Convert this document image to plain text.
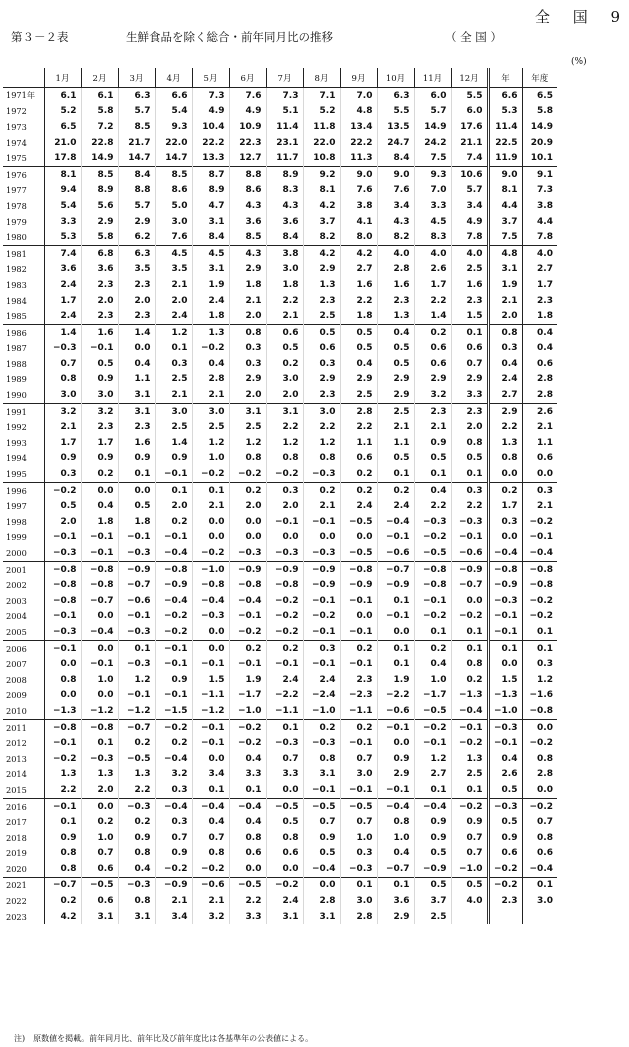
全 国 9
第３－２表	生鮮食品を除く総合・前年同月比の推移	（ 全 国 ）
(%)
	1月	2月	3月	4月	5月	6月	7月	8月	9月	10月	11月	12月	年	年度
1971年	6.1	6.1	6.3	6.6	7.3	7.6	7.3	7.1	7.0	6.3	6.0	5.5	6.6	6.5
1972	5.2	5.8	5.7	5.4	4.9	4.9	5.1	5.2	4.8	5.5	5.7	6.0	5.3	5.8
1973	6.5	7.2	8.5	9.3	10.4	10.9	11.4	11.8	13.4	13.5	14.9	17.6	11.4	14.9
1974	21.0	22.8	21.7	22.0	22.2	22.3	23.1	22.0	22.2	24.7	24.2	21.1	22.5	20.9
1975	17.8	14.9	14.7	14.7	13.3	12.7	11.7	10.8	11.3	8.4	7.5	7.4	11.9	10.1
1976	8.1	8.5	8.4	8.5	8.7	8.8	8.9	9.2	9.0	9.0	9.3	10.6	9.0	9.1
1977	9.4	8.9	8.8	8.6	8.9	8.6	8.3	8.1	7.6	7.6	7.0	5.7	8.1	7.3
1978	5.4	5.6	5.7	5.0	4.7	4.3	4.3	4.2	3.8	3.4	3.3	3.4	4.4	3.8
1979	3.3	2.9	2.9	3.0	3.1	3.6	3.6	3.7	4.1	4.3	4.5	4.9	3.7	4.4
1980	5.3	5.8	6.2	7.6	8.4	8.5	8.4	8.2	8.0	8.2	8.3	7.8	7.5	7.8
1981	7.4	6.8	6.3	4.5	4.5	4.3	3.8	4.2	4.2	4.0	4.0	4.0	4.8	4.0
1982	3.6	3.6	3.5	3.5	3.1	2.9	3.0	2.9	2.7	2.8	2.6	2.5	3.1	2.7
1983	2.4	2.3	2.3	2.1	1.9	1.8	1.8	1.3	1.6	1.6	1.7	1.6	1.9	1.7
1984	1.7	2.0	2.0	2.0	2.4	2.1	2.2	2.3	2.2	2.3	2.2	2.3	2.1	2.3
1985	2.4	2.3	2.3	2.4	1.8	2.0	2.1	2.5	1.8	1.3	1.4	1.5	2.0	1.8
1986	1.4	1.6	1.4	1.2	1.3	0.8	0.6	0.5	0.5	0.4	0.2	0.1	0.8	0.4
1987	−0.3	−0.1	0.0	0.1	−0.2	0.3	0.5	0.6	0.5	0.5	0.6	0.6	0.3	0.4
1988	0.7	0.5	0.4	0.3	0.4	0.3	0.2	0.3	0.4	0.5	0.6	0.7	0.4	0.6
1989	0.8	0.9	1.1	2.5	2.8	2.9	3.0	2.9	2.9	2.9	2.9	2.9	2.4	2.8
1990	3.0	3.0	3.1	2.1	2.1	2.0	2.0	2.3	2.5	2.9	3.2	3.3	2.7	2.8
1991	3.2	3.2	3.1	3.0	3.0	3.1	3.1	3.0	2.8	2.5	2.3	2.3	2.9	2.6
1992	2.1	2.3	2.3	2.5	2.5	2.5	2.2	2.2	2.2	2.1	2.1	2.0	2.2	2.1
1993	1.7	1.7	1.6	1.4	1.2	1.2	1.2	1.2	1.1	1.1	0.9	0.8	1.3	1.1
1994	0.9	0.9	0.9	0.9	1.0	0.8	0.8	0.8	0.6	0.5	0.5	0.5	0.8	0.6
1995	0.3	0.2	0.1	−0.1	−0.2	−0.2	−0.2	−0.3	0.2	0.1	0.1	0.1	0.0	0.0
1996	−0.2	0.0	0.0	0.1	0.1	0.2	0.3	0.2	0.2	0.2	0.4	0.3	0.2	0.3
1997	0.5	0.4	0.5	2.0	2.1	2.0	2.0	2.1	2.4	2.4	2.2	2.2	1.7	2.1
1998	2.0	1.8	1.8	0.2	0.0	0.0	−0.1	−0.1	−0.5	−0.4	−0.3	−0.3	0.3	−0.2
1999	−0.1	−0.1	−0.1	−0.1	0.0	0.0	0.0	0.0	0.0	−0.1	−0.2	−0.1	0.0	−0.1
2000	−0.3	−0.1	−0.3	−0.4	−0.2	−0.3	−0.3	−0.3	−0.5	−0.6	−0.5	−0.6	−0.4	−0.4
2001	−0.8	−0.8	−0.9	−0.8	−1.0	−0.9	−0.9	−0.9	−0.8	−0.7	−0.8	−0.9	−0.8	−0.8
2002	−0.8	−0.8	−0.7	−0.9	−0.8	−0.8	−0.8	−0.9	−0.9	−0.9	−0.8	−0.7	−0.9	−0.8
2003	−0.8	−0.7	−0.6	−0.4	−0.4	−0.4	−0.2	−0.1	−0.1	0.1	−0.1	0.0	−0.3	−0.2
2004	−0.1	0.0	−0.1	−0.2	−0.3	−0.1	−0.2	−0.2	0.0	−0.1	−0.2	−0.2	−0.1	−0.2
2005	−0.3	−0.4	−0.3	−0.2	0.0	−0.2	−0.2	−0.1	−0.1	0.0	0.1	0.1	−0.1	0.1
2006	−0.1	0.0	0.1	−0.1	0.0	0.2	0.2	0.3	0.2	0.1	0.2	0.1	0.1	0.1
2007	0.0	−0.1	−0.3	−0.1	−0.1	−0.1	−0.1	−0.1	−0.1	0.1	0.4	0.8	0.0	0.3
2008	0.8	1.0	1.2	0.9	1.5	1.9	2.4	2.4	2.3	1.9	1.0	0.2	1.5	1.2
2009	0.0	0.0	−0.1	−0.1	−1.1	−1.7	−2.2	−2.4	−2.3	−2.2	−1.7	−1.3	−1.3	−1.6
2010	−1.3	−1.2	−1.2	−1.5	−1.2	−1.0	−1.1	−1.0	−1.1	−0.6	−0.5	−0.4	−1.0	−0.8
2011	−0.8	−0.8	−0.7	−0.2	−0.1	−0.2	0.1	0.2	0.2	−0.1	−0.2	−0.1	−0.3	0.0
2012	−0.1	0.1	0.2	0.2	−0.1	−0.2	−0.3	−0.3	−0.1	0.0	−0.1	−0.2	−0.1	−0.2
2013	−0.2	−0.3	−0.5	−0.4	0.0	0.4	0.7	0.8	0.7	0.9	1.2	1.3	0.4	0.8
2014	1.3	1.3	1.3	3.2	3.4	3.3	3.3	3.1	3.0	2.9	2.7	2.5	2.6	2.8
2015	2.2	2.0	2.2	0.3	0.1	0.1	0.0	−0.1	−0.1	−0.1	0.1	0.1	0.5	0.0
2016	−0.1	0.0	−0.3	−0.4	−0.4	−0.4	−0.5	−0.5	−0.5	−0.4	−0.4	−0.2	−0.3	−0.2
2017	0.1	0.2	0.2	0.3	0.4	0.4	0.5	0.7	0.7	0.8	0.9	0.9	0.5	0.7
2018	0.9	1.0	0.9	0.7	0.7	0.8	0.8	0.9	1.0	1.0	0.9	0.7	0.9	0.8
2019	0.8	0.7	0.8	0.9	0.8	0.6	0.6	0.5	0.3	0.4	0.5	0.7	0.6	0.6
2020	0.8	0.6	0.4	−0.2	−0.2	0.0	0.0	−0.4	−0.3	−0.7	−0.9	−1.0	−0.2	−0.4
2021	−0.7	−0.5	−0.3	−0.9	−0.6	−0.5	−0.2	0.0	0.1	0.1	0.5	0.5	−0.2	0.1
2022	0.2	0.6	0.8	2.1	2.1	2.2	2.4	2.8	3.0	3.6	3.7	4.0	2.3	3.0
2023	4.2	3.1	3.1	3.4	3.2	3.3	3.1	3.1	2.8	2.9	2.5			
注)　原数値を掲載。前年同月比、前年比及び前年度比は各基準年の公表値による。
